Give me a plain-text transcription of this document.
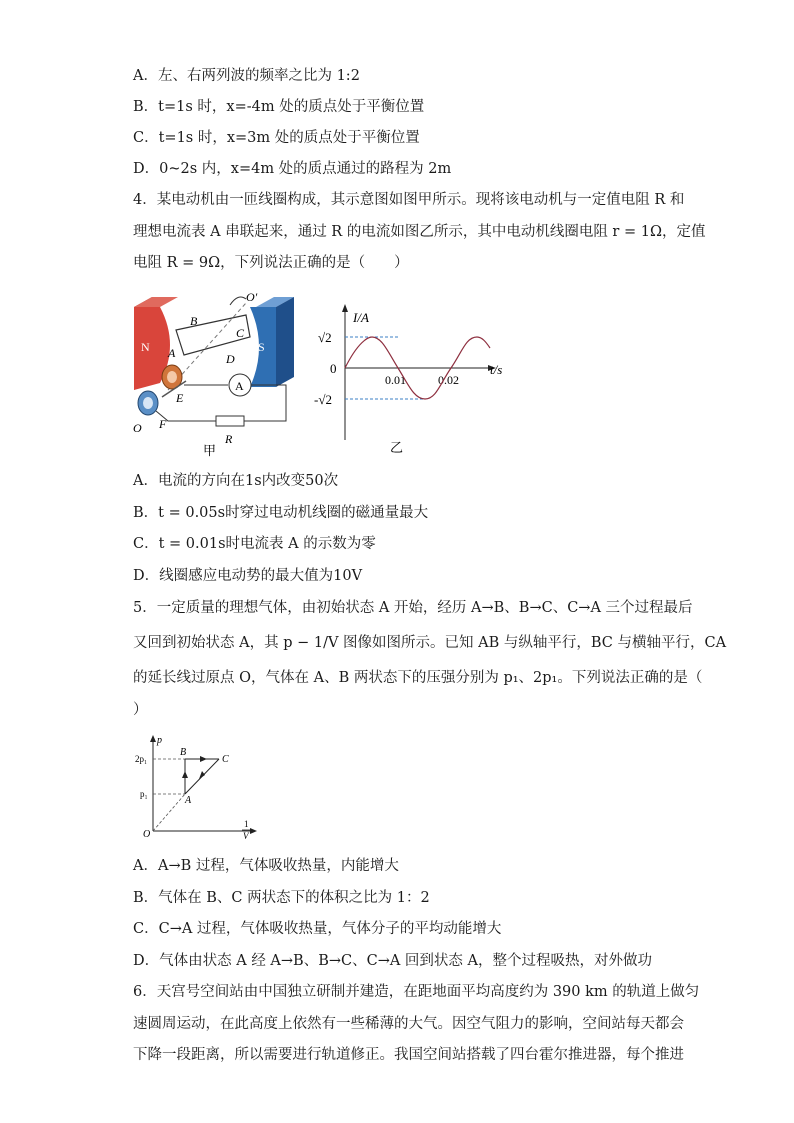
A．左、右两列波的频率之比为 1:2
B．t=1s 时，x=-4m 处的质点处于平衡位置
C．t=1s 时，x=3m 处的质点处于平衡位置
D．0~2s 内，x=4m 处的质点通过的路程为 2m
4．某电动机由一匝线圈构成，其示意图如图甲所示。现将该电动机与一定值电阻 R 和
理想电流表 A 串联起来，通过 R 的电流如图乙所示，其中电动机线圈电阻 r = 1Ω，定值
电阻 R = 9Ω，下列说法正确的是（　　）
N	S
O′
B
C
A	D
E
F
O
A
R
甲
I/A
t/s
√2
0
-√2
0.01	0.02
乙
A．电流的方向在1s内改变50次
B．t = 0.05s时穿过电动机线圈的磁通量最大
C．t = 0.01s时电流表 A 的示数为零
D．线圈感应电动势的最大值为10V
5．一定质量的理想气体，由初始状态 A 开始，经历 A→B、B→C、C→A 三个过程最后
又回到初始状态 A，其 p − 1/V 图像如图所示。已知 AB 与纵轴平行，BC 与横轴平行，CA
的延长线过原点 O，气体在 A、B 两状态下的压强分别为 p₁、2p₁。下列说法正确的是（
）
p
1
V
2p₁
p₁
O
B
C
A
A．A→B 过程，气体吸收热量，内能增大
B．气体在 B、C 两状态下的体积之比为 1：2
C．C→A 过程，气体吸收热量，气体分子的平均动能增大
D．气体由状态 A 经 A→B、B→C、C→A 回到状态 A，整个过程吸热，对外做功
6．天宫号空间站由中国独立研制并建造，在距地面平均高度约为 390 km 的轨道上做匀
速圆周运动，在此高度上依然有一些稀薄的大气。因空气阻力的影响，空间站每天都会
下降一段距离，所以需要进行轨道修正。我国空间站搭载了四台霍尔推进器，每个推进
